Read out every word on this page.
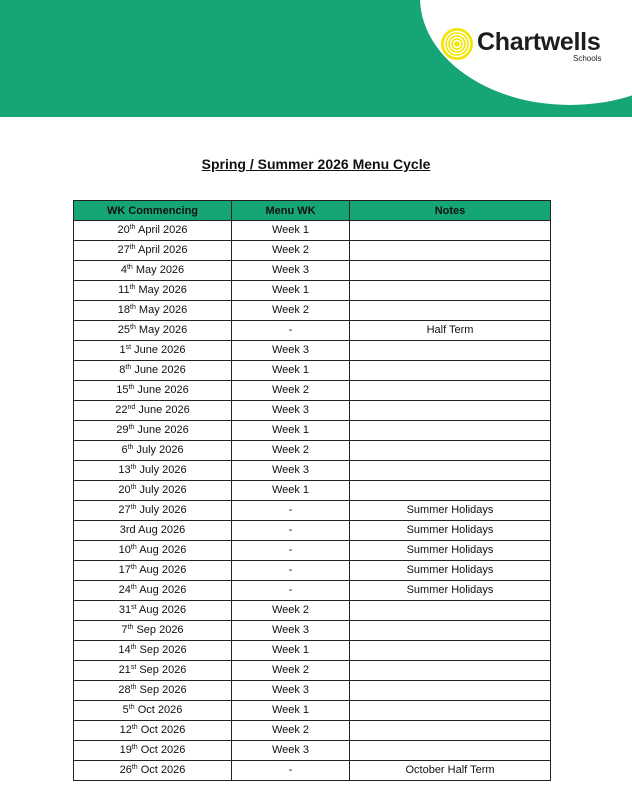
Chartwells
Schools
Spring / Summer 2026 Menu Cycle
WK Commencing	Menu WK	Notes
20th April 2026	Week 1	
27th April 2026	Week 2	
4th May 2026	Week 3	
11th May 2026	Week 1	
18th May 2026	Week 2	
25th May 2026	-	Half Term
1st June 2026	Week 3	
8th June 2026	Week 1	
15th June 2026	Week 2	
22nd June 2026	Week 3	
29th June 2026	Week 1	
6th July 2026	Week 2	
13th July 2026	Week 3	
20th July 2026	Week 1	
27th July 2026	-	Summer Holidays
3rd Aug 2026	-	Summer Holidays
10th Aug 2026	-	Summer Holidays
17th Aug 2026	-	Summer Holidays
24th Aug 2026	-	Summer Holidays
31st Aug 2026	Week 2	
7th Sep 2026	Week 3	
14th Sep 2026	Week 1	
21st Sep 2026	Week 2	
28th Sep 2026	Week 3	
5th Oct 2026	Week 1	
12th Oct 2026	Week 2	
19th Oct 2026	Week 3	
26th Oct 2026	-	October Half Term
